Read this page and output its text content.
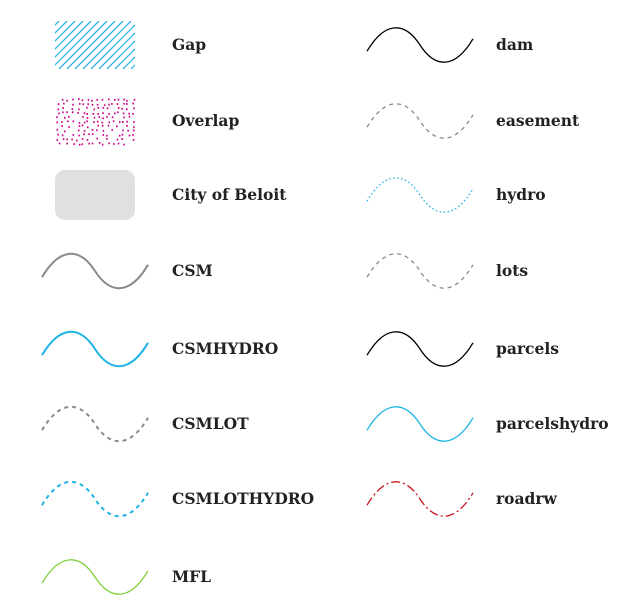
Gap
Overlap
City of Beloit
CSM
CSMHYDRO
CSMLOT
CSMLOTHYDRO
MFL
dam
easement
hydro
lots
parcels
parcelshydro
roadrw
